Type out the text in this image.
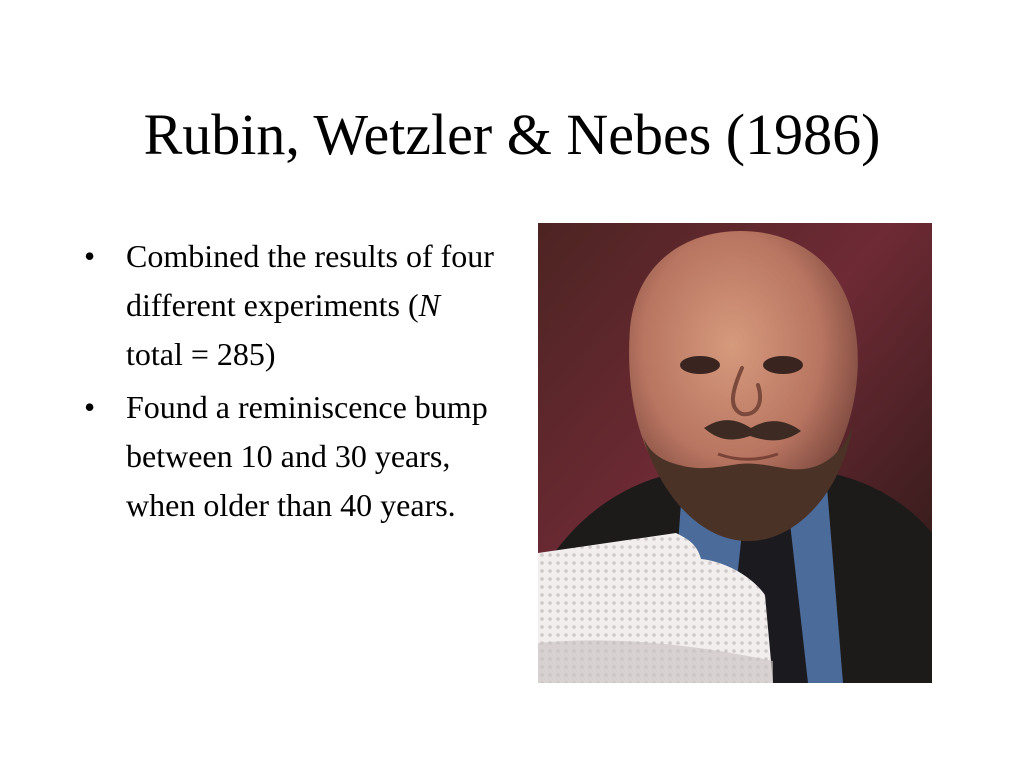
Rubin, Wetzler & Nebes (1986)
• Combined the results of four different experiments (N total = 285)
• Found a reminiscence bump between 10 and 30 years, when older than 40 years.
